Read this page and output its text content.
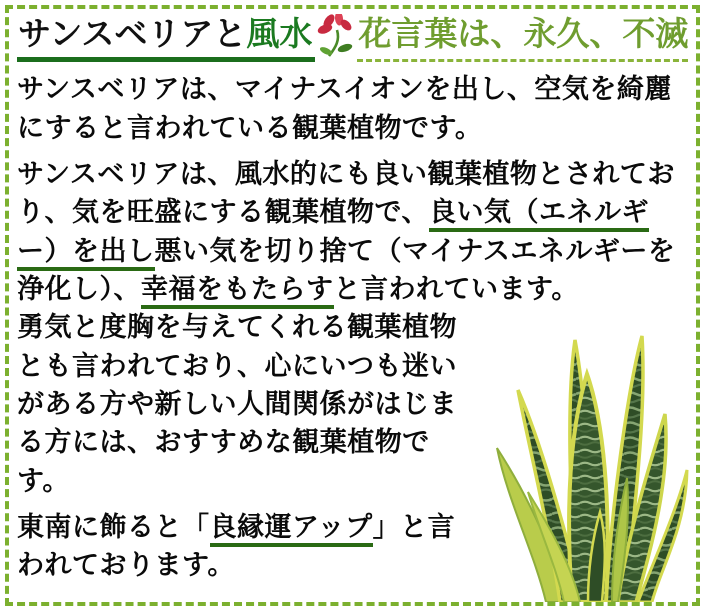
サンスベリアと風水 花言葉は、永久、不滅

サンスベリアは、マイナスイオンを出し、空気を綺麗にすると言われている観葉植物です。

サンスベリアは、風水的にも良い観葉植物とされており、気を旺盛にする観葉植物で、良い気（エネルギー）を出し悪い気を切り捨て（マイナスエネルギーを浄化し）、幸福をもたらすと言われています。

勇気と度胸を与えてくれる観葉植物とも言われており、心にいつも迷いがある方や新しい人間関係がはじまる方には、おすすめな観葉植物です。

東南に飾ると「良縁運アップ」と言われております。
